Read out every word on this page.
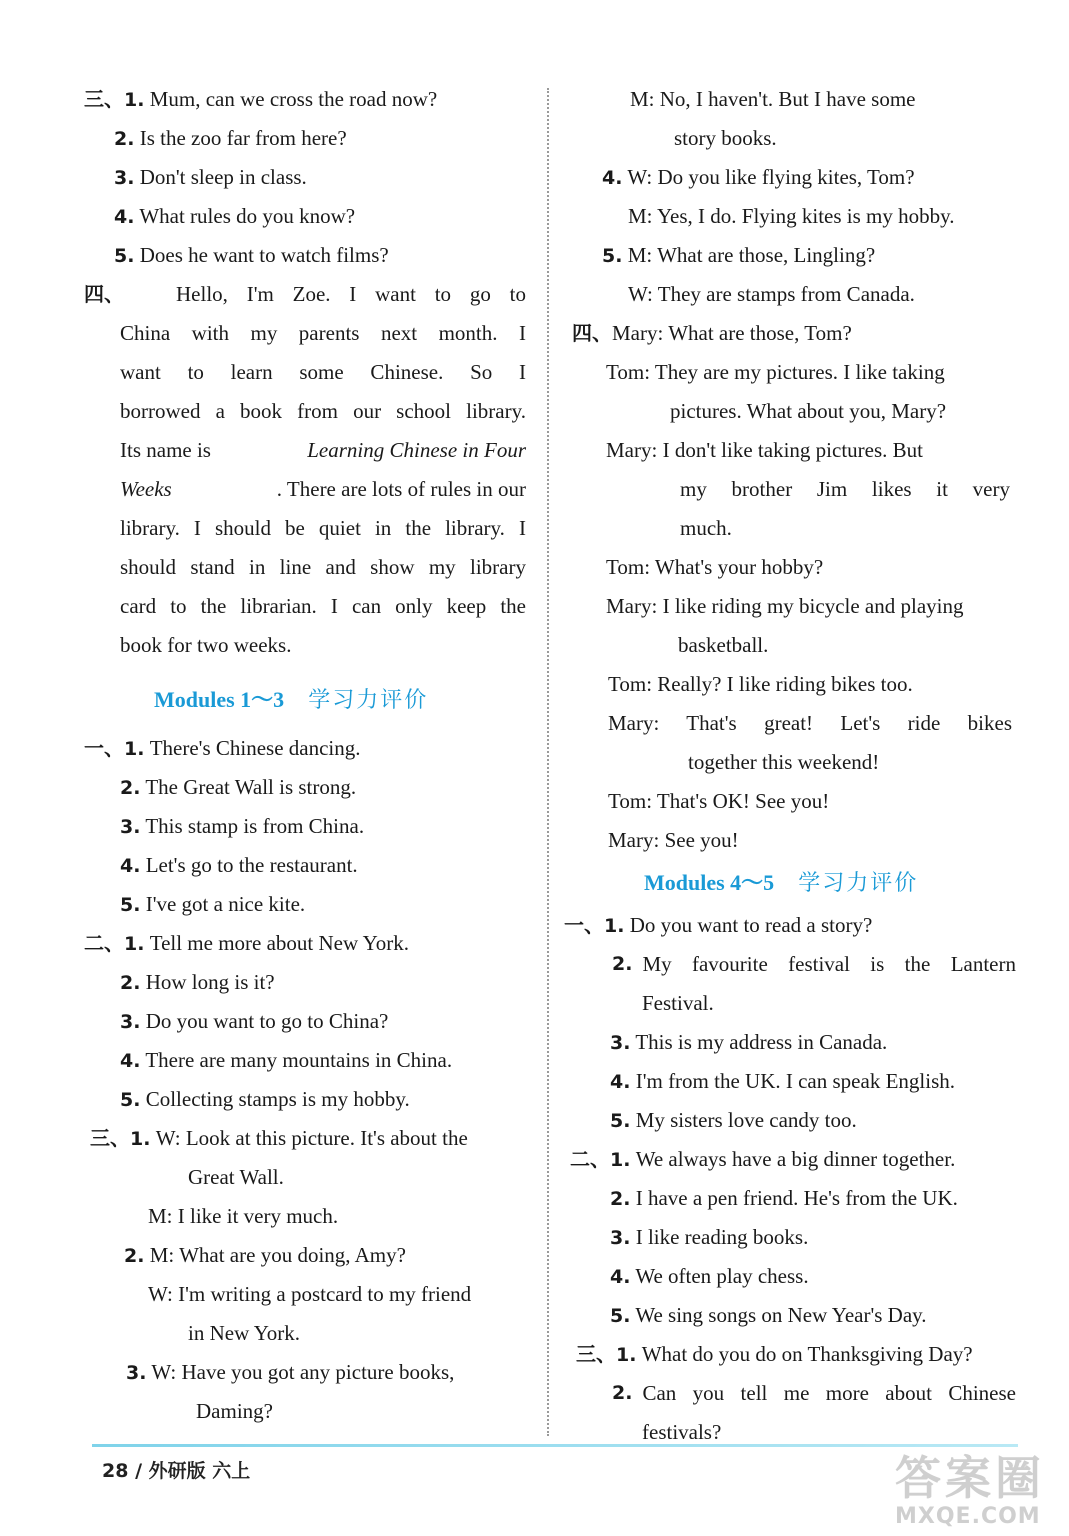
三、1. Mum, can we cross the road now?
2. Is the zoo far from here?
3. Don't sleep in class.
4. What rules do you know?
5. Does he want to watch films?
四、 Hello, I'm Zoe. I want to go to
China with my parents next month. I
want to learn some Chinese. So I
borrowed a book from our school library.
Its name is	Learning Chinese in Four
Weeks	. There are lots of rules in our
library. I should be quiet in the library. I
should stand in line and show my library
card to the librarian. I can only keep the
book for two weeks.
Modules 1～3 学习力评价
一、1. There's Chinese dancing.
2. The Great Wall is strong.
3. This stamp is from China.
4. Let's go to the restaurant.
5. I've got a nice kite.
二、1. Tell me more about New York.
2. How long is it?
3. Do you want to go to China?
4. There are many mountains in China.
5. Collecting stamps is my hobby.
三、1. W: Look at this picture. It's about the
Great Wall.
M: I like it very much.
2. M: What are you doing, Amy?
W: I'm writing a postcard to my friend
in New York.
3. W: Have you got any picture books,
Daming?
M: No, I haven't. But I have some
story books.
4. W: Do you like flying kites, Tom?
M: Yes, I do. Flying kites is my hobby.
5. M: What are those, Lingling?
W: They are stamps from Canada.
四、Mary: What are those, Tom?
Tom: They are my pictures. I like taking
pictures. What about you, Mary?
Mary: I don't like taking pictures. But
my brother Jim likes it very
much.
Tom: What's your hobby?
Mary: I like riding my bicycle and playing
basketball.
Tom: Really? I like riding bikes too.
Mary: That's great! Let's ride bikes
together this weekend!
Tom: That's OK! See you!
Mary: See you!
Modules 4～5 学习力评价
一、1. Do you want to read a story?
2. My favourite festival is the Lantern
Festival.
3. This is my address in Canada.
4. I'm from the UK. I can speak English.
5. My sisters love candy too.
二、1. We always have a big dinner together.
2. I have a pen friend. He's from the UK.
3. I like reading books.
4. We often play chess.
5. We sing songs on New Year's Day.
三、1. What do you do on Thanksgiving Day?
2. Can you tell me more about Chinese
festivals?
28 / 外研版 六上	答案圈
MXQE.COM
